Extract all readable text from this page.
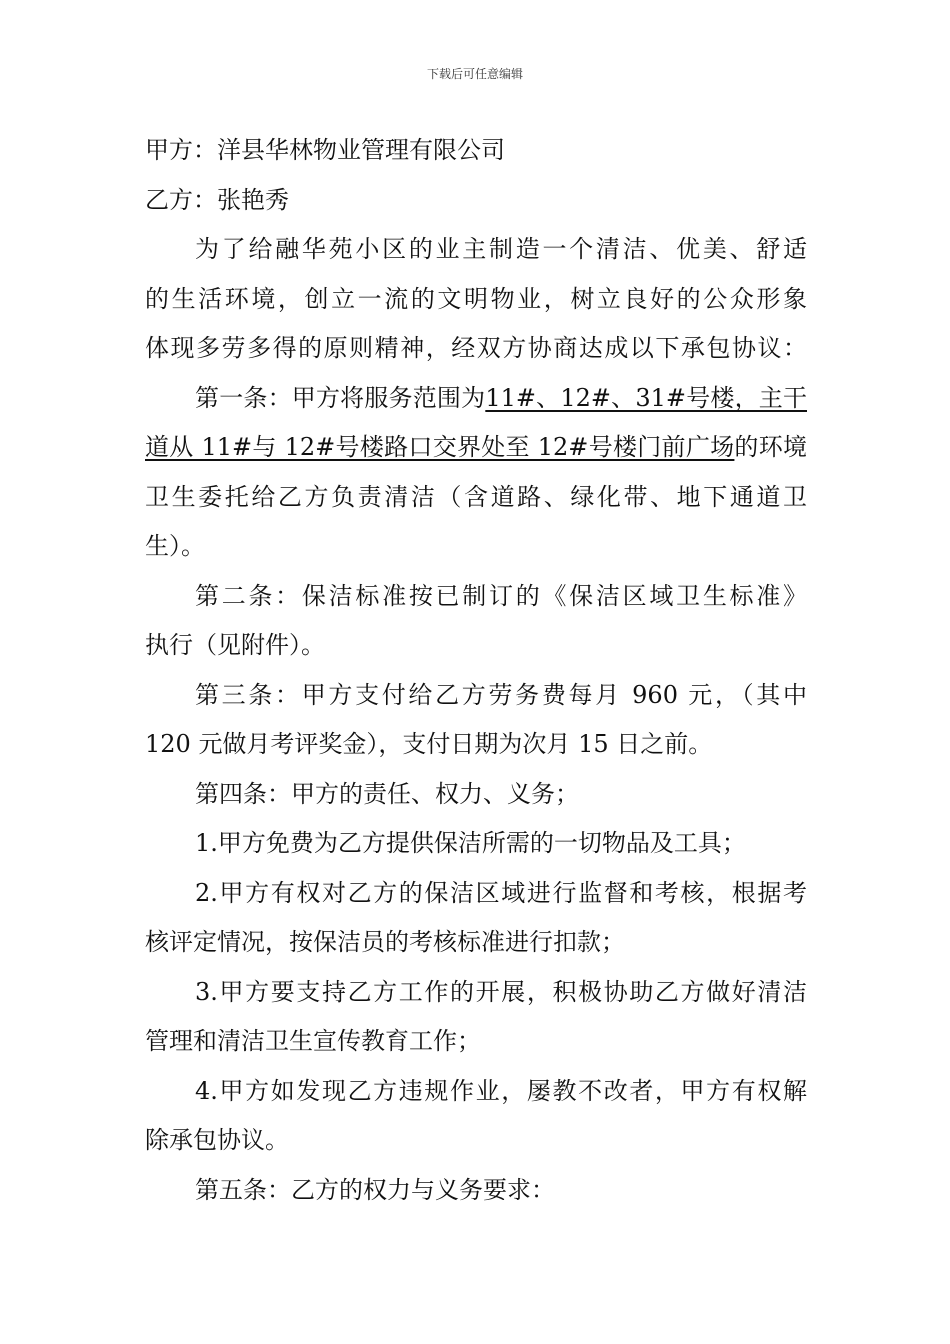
下载后可任意编辑
甲方：洋县华林物业管理有限公司
乙方：张艳秀
为了给融华苑小区的业主制造一个清洁、优美、舒适
的生活环境，创立一流的文明物业，树立良好的公众形象
体现多劳多得的原则精神，经双方协商达成以下承包协议：
第一条：甲方将服务范围为11#、12#、31#号楼，主干
道从 11#与 12#号楼路口交界处至 12#号楼门前广场的环境
卫生委托给乙方负责清洁（含道路、绿化带、地下通道卫
生）。
第二条：保洁标准按已制订的《保洁区域卫生标准》
执行（见附件）。
第三条：甲方支付给乙方劳务费每月 960 元，（其中
120 元做月考评奖金），支付日期为次月 15 日之前。
第四条：甲方的责任、权力、义务；
1.甲方免费为乙方提供保洁所需的一切物品及工具；
2.甲方有权对乙方的保洁区域进行监督和考核，根据考
核评定情况，按保洁员的考核标准进行扣款；
3.甲方要支持乙方工作的开展，积极协助乙方做好清洁
管理和清洁卫生宣传教育工作；
4.甲方如发现乙方违规作业，屡教不改者，甲方有权解
除承包协议。
第五条：乙方的权力与义务要求：
